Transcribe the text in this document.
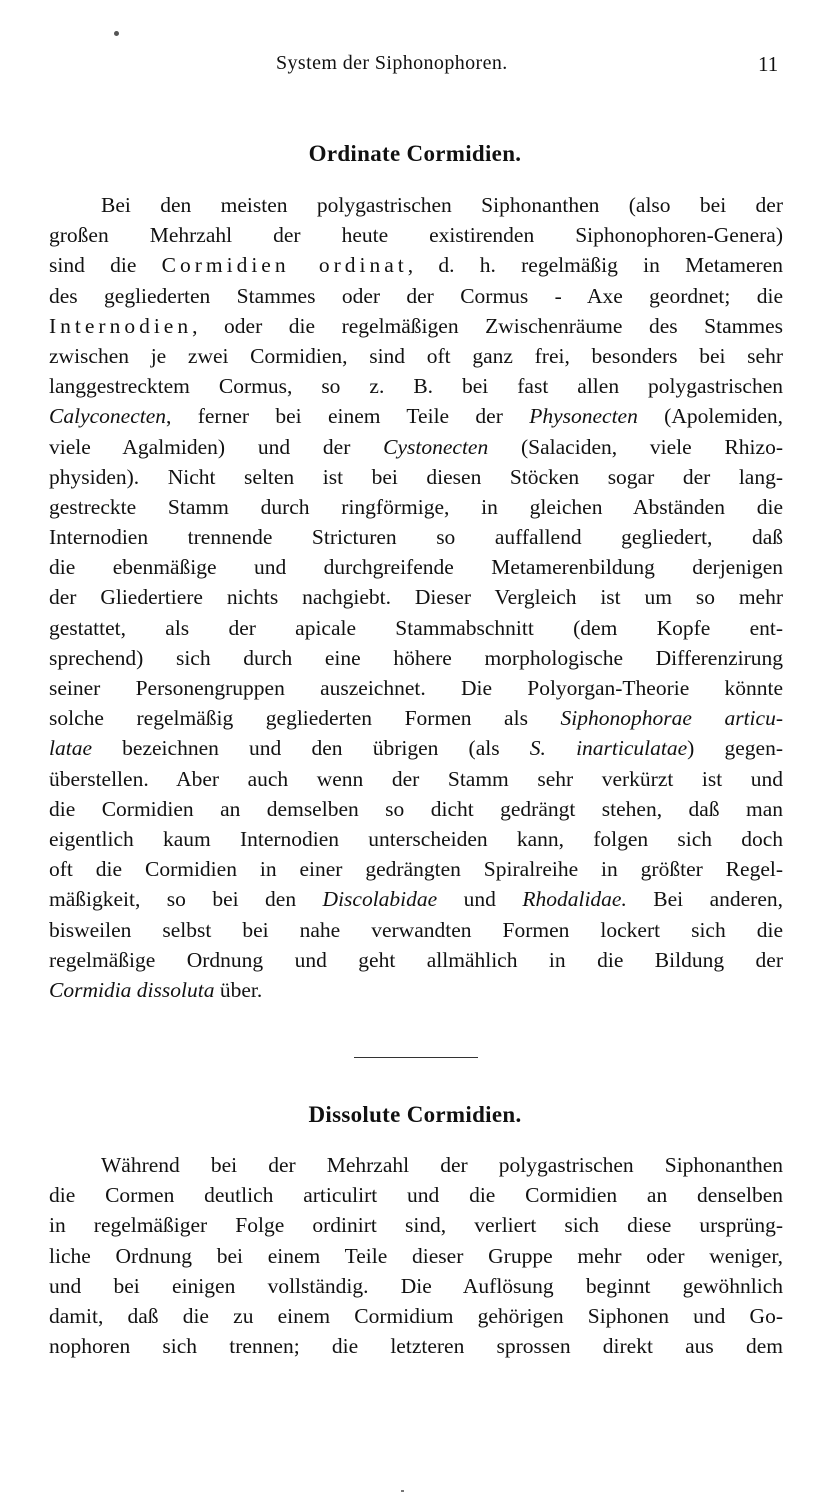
System der Siphonophoren.	11
Ordinate Cormidien.
Bei den meisten polygastrischen Siphonanthen (also bei der
großen Mehrzahl der heute existirenden Siphonophoren-Genera)
sind die Cormidien ordinat, d. h. regelmäßig in Metameren
des gegliederten Stammes oder der Cormus - Axe geordnet; die
Internodien, oder die regelmäßigen Zwischenräume des Stammes
zwischen je zwei Cormidien, sind oft ganz frei, besonders bei sehr
langgestrecktem Cormus, so z. B. bei fast allen polygastrischen
Calyconecten, ferner bei einem Teile der Physonecten (Apolemiden,
viele Agalmiden) und der Cystonecten (Salaciden, viele Rhizo-
physiden). Nicht selten ist bei diesen Stöcken sogar der lang-
gestreckte Stamm durch ringförmige, in gleichen Abständen die
Internodien trennende Stricturen so auffallend gegliedert, daß
die ebenmäßige und durchgreifende Metamerenbildung derjenigen
der Gliedertiere nichts nachgiebt. Dieser Vergleich ist um so mehr
gestattet, als der apicale Stammabschnitt (dem Kopfe ent-
sprechend) sich durch eine höhere morphologische Differenzirung
seiner Personengruppen auszeichnet. Die Polyorgan-Theorie könnte
solche regelmäßig gegliederten Formen als Siphonophorae articu-
latae bezeichnen und den übrigen (als S. inarticulatae) gegen-
überstellen. Aber auch wenn der Stamm sehr verkürzt ist und
die Cormidien an demselben so dicht gedrängt stehen, daß man
eigentlich kaum Internodien unterscheiden kann, folgen sich doch
oft die Cormidien in einer gedrängten Spiralreihe in größter Regel-
mäßigkeit, so bei den Discolabidae und Rhodalidae. Bei anderen,
bisweilen selbst bei nahe verwandten Formen lockert sich die
regelmäßige Ordnung und geht allmählich in die Bildung der
Cormidia dissoluta über.
Dissolute Cormidien.
Während bei der Mehrzahl der polygastrischen Siphonanthen
die Cormen deutlich articulirt und die Cormidien an denselben
in regelmäßiger Folge ordinirt sind, verliert sich diese ursprüng-
liche Ordnung bei einem Teile dieser Gruppe mehr oder weniger,
und bei einigen vollständig. Die Auflösung beginnt gewöhnlich
damit, daß die zu einem Cormidium gehörigen Siphonen und Go-
nophoren sich trennen; die letzteren sprossen direkt aus dem
